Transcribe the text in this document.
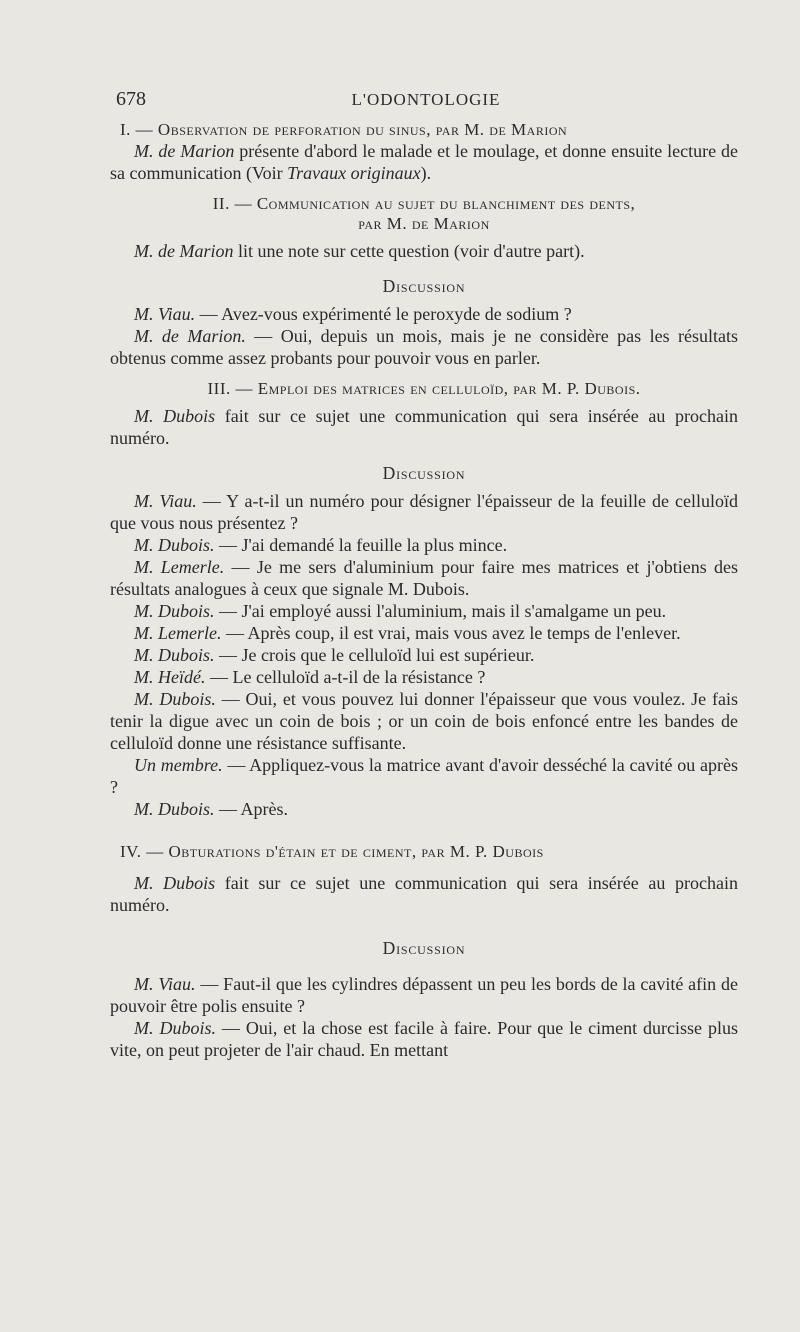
678	L'ODONTOLOGIE
I. — Observation de perforation du sinus, par M. de Marion

M. de Marion présente d'abord le malade et le moulage, et donne ensuite lecture de sa communication (Voir Travaux originaux).

II. — Communication au sujet du blanchiment des dents,
par M. de Marion

M. de Marion lit une note sur cette question (voir d'autre part).

Discussion

M. Viau. — Avez-vous expérimenté le peroxyde de sodium ?

M. de Marion. — Oui, depuis un mois, mais je ne considère pas les résultats obtenus comme assez probants pour pouvoir vous en parler.

III. — Emploi des matrices en celluloïd, par M. P. Dubois.

M. Dubois fait sur ce sujet une communication qui sera insérée au prochain numéro.

Discussion

M. Viau. — Y a-t-il un numéro pour désigner l'épaisseur de la feuille de celluloïd que vous nous présentez ?

M. Dubois. — J'ai demandé la feuille la plus mince.

M. Lemerle. — Je me sers d'aluminium pour faire mes matrices et j'obtiens des résultats analogues à ceux que signale M. Dubois.

M. Dubois. — J'ai employé aussi l'aluminium, mais il s'amalgame un peu.

M. Lemerle. — Après coup, il est vrai, mais vous avez le temps de l'enlever.

M. Dubois. — Je crois que le celluloïd lui est supérieur.

M. Heïdé. — Le celluloïd a-t-il de la résistance ?

M. Dubois. — Oui, et vous pouvez lui donner l'épaisseur que vous voulez. Je fais tenir la digue avec un coin de bois ; or un coin de bois enfoncé entre les bandes de celluloïd donne une résistance suffisante.

Un membre. — Appliquez-vous la matrice avant d'avoir desséché la cavité ou après ?

M. Dubois. — Après.

IV. — Obturations d'étain et de ciment, par M. P. Dubois

M. Dubois fait sur ce sujet une communication qui sera insérée au prochain numéro.

Discussion

M. Viau. — Faut-il que les cylindres dépassent un peu les bords de la cavité afin de pouvoir être polis ensuite ?

M. Dubois. — Oui, et la chose est facile à faire. Pour que le ciment durcisse plus vite, on peut projeter de l'air chaud. En mettant
